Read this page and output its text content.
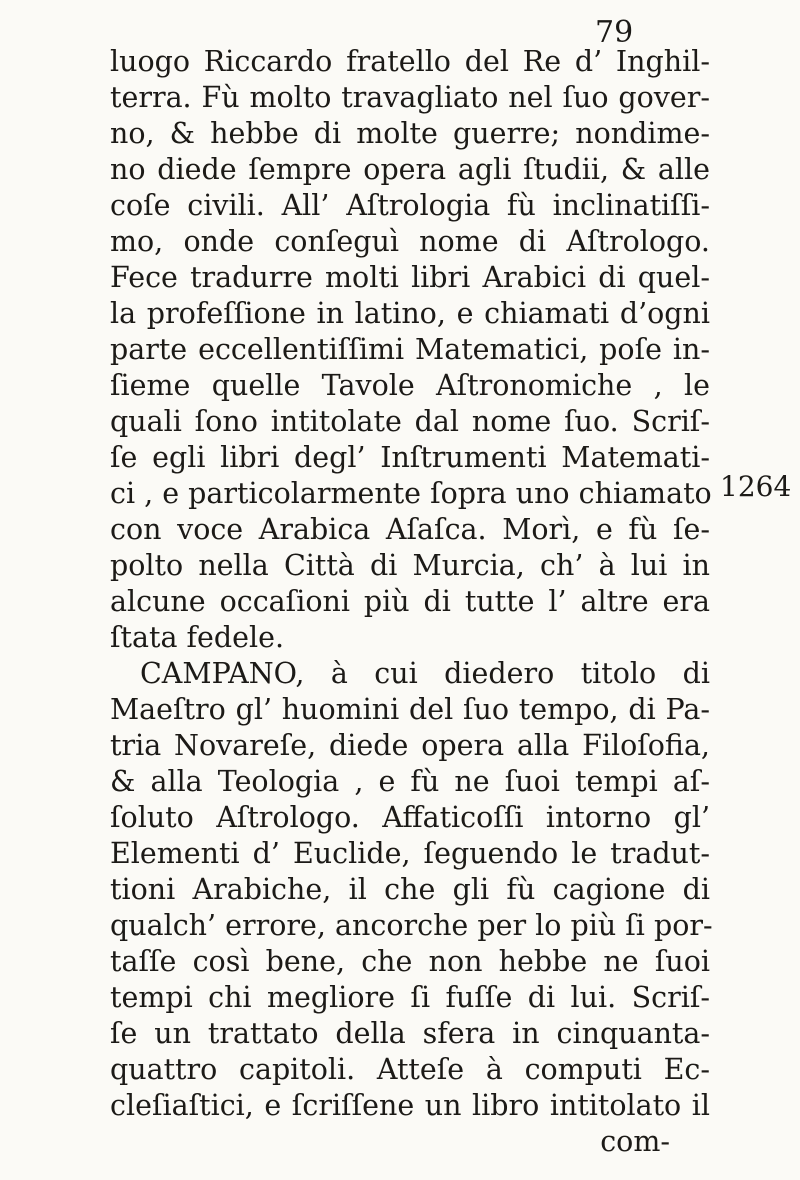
79
luogo Riccardo fratello del Re d’ Inghil-
terra. Fù molto travagliato nel ſuo gover-
no, & hebbe di molte guerre; nondime-
no diede ſempre opera agli ſtudii, & alle
coſe civili. All’ Aſtrologia fù inclinatiſſi-
mo, onde conſeguì nome di Aſtrologo.
Fece tradurre molti libri Arabici di quel-
la profeſſione in latino, e chiamati d’ogni
parte eccellentiſſimi Matematici, poſe in-
ſieme quelle Tavole Aſtronomiche , le
quali ſono intitolate dal nome ſuo. Scriſ-
ſe egli libri degl’ Inſtrumenti Matemati-
ci , e particolarmente ſopra uno chiamato
con voce Arabica Aſaſca. Morì, e fù ſe-
polto nella Città di Murcia, ch’ à lui in
alcune occaſioni più di tutte l’ altre era
ſtata fedele.
CAMPANO, à cui diedero titolo di
Maeſtro gl’ huomini del ſuo tempo, di Pa-
tria Novareſe, diede opera alla Filoſofia,
& alla Teologia , e fù ne ſuoi tempi aſ-
ſoluto Aſtrologo. Affaticoſſi intorno gl’
Elementi d’ Euclide, ſeguendo le tradut-
tioni Arabiche, il che gli fù cagione di
qualch’ errore, ancorche per lo più ſi por-
taſſe così bene, che non hebbe ne ſuoi
tempi chi megliore ſi fuſſe di lui. Scriſ-
ſe un trattato della sfera in cinquanta-
quattro capitoli. Atteſe à computi Ec-
cleſiaſtici, e ſcriſſene un libro intitolato il
com-
1264
